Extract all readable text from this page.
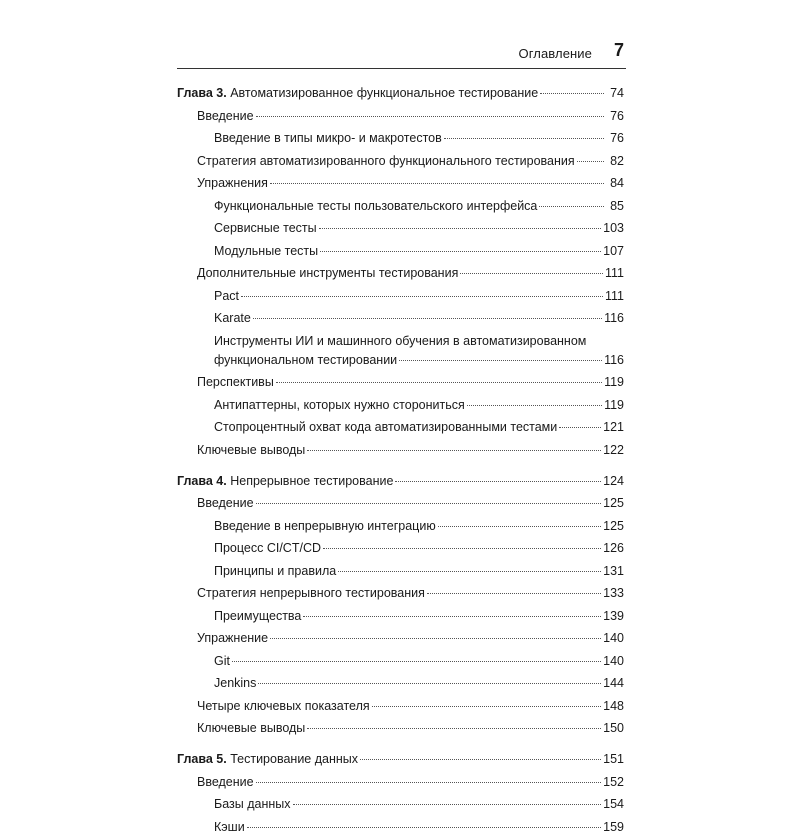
Оглавление 7
Глава 3. Автоматизированное функциональное тестирование	74
Введение	76
Введение в типы микро- и макротестов	76
Стратегия автоматизированного функционального тестирования	82
Упражнения	84
Функциональные тесты пользовательского интерфейса	85
Сервисные тесты	103
Модульные тесты	107
Дополнительные инструменты тестирования	111
Pact	111
Karate	116
Инструменты ИИ и машинного обучения в автоматизированном
функциональном тестировании	116
Перспективы	119
Антипаттерны, которых нужно сторониться	119
Стопроцентный охват кода автоматизированными тестами	121
Ключевые выводы	122
Глава 4. Непрерывное тестирование	124
Введение	125
Введение в непрерывную интеграцию	125
Процесс CI/CT/CD	126
Принципы и правила	131
Стратегия непрерывного тестирования	133
Преимущества	139
Упражнение	140
Git	140
Jenkins	144
Четыре ключевых показателя	148
Ключевые выводы	150
Глава 5. Тестирование данных	151
Введение	152
Базы данных	154
Кэши	159
